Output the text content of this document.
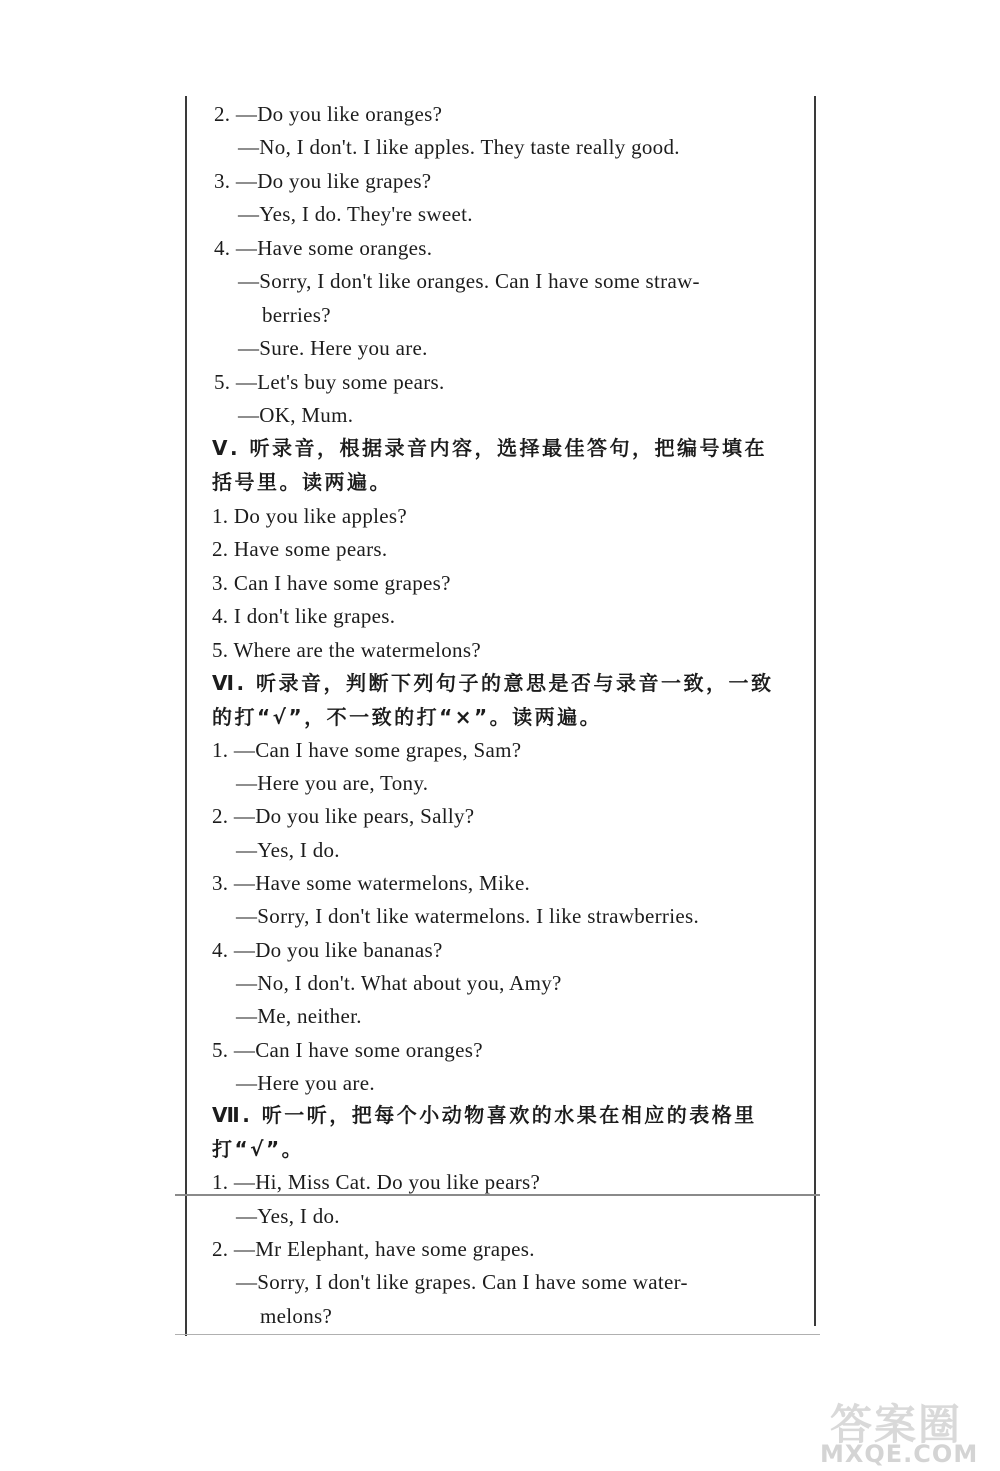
2. —Do you like oranges?
—No, I don't. I like apples. They taste really good.
3. —Do you like grapes?
—Yes, I do. They're sweet.
4. —Have some oranges.
—Sorry, I don't like oranges. Can I have some straw-
berries?
—Sure. Here you are.
5. —Let's buy some pears.
—OK, Mum.
Ⅴ. 听录音，根据录音内容，选择最佳答句，把编号填在
括号里。读两遍。
1. Do you like apples?
2. Have some pears.
3. Can I have some grapes?
4. I don't like grapes.
5. Where are the watermelons?
Ⅵ. 听录音，判断下列句子的意思是否与录音一致，一致
的打“√”，不一致的打“×”。读两遍。
1. —Can I have some grapes, Sam?
—Here you are, Tony.
2. —Do you like pears, Sally?
—Yes, I do.
3. —Have some watermelons, Mike.
—Sorry, I don't like watermelons. I like strawberries.
4. —Do you like bananas?
—No, I don't. What about you, Amy?
—Me, neither.
5. —Can I have some oranges?
—Here you are.
Ⅶ. 听一听，把每个小动物喜欢的水果在相应的表格里
打“√”。
1. —Hi, Miss Cat. Do you like pears?
—Yes, I do.
2. —Mr Elephant, have some grapes.
—Sorry, I don't like grapes. Can I have some water-
melons?
答案圈
MXQE.COM
